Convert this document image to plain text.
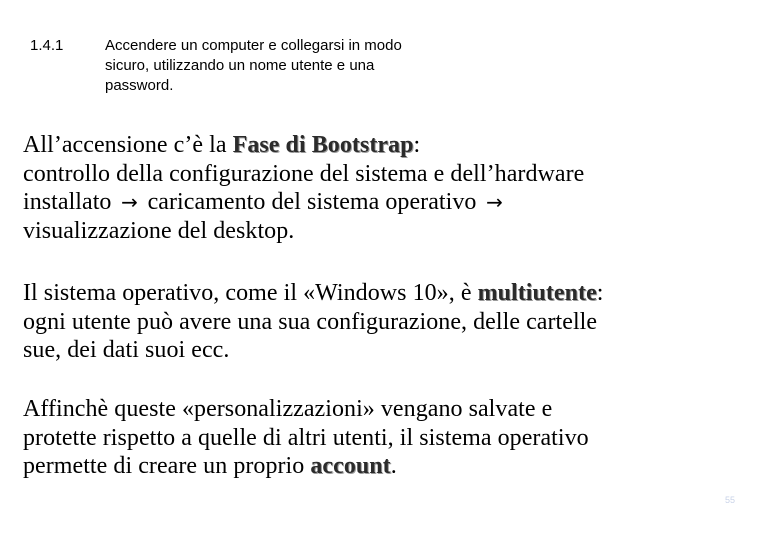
1.4.1	Accendere un computer e collegarsi in modo
sicuro, utilizzando un nome utente e una
password.
All’accensione c’è la Fase di Bootstrap:
controllo della configurazione del sistema e dell’hardware
installato → caricamento del sistema operativo →
visualizzazione del desktop.
Il sistema operativo, come il «Windows 10», è multiutente:
ogni utente può avere una sua configurazione, delle cartelle
sue, dei dati suoi ecc.
Affinchè queste «personalizzazioni» vengano salvate e
protette rispetto a quelle di altri utenti, il sistema operativo
permette di creare un proprio account.
55
